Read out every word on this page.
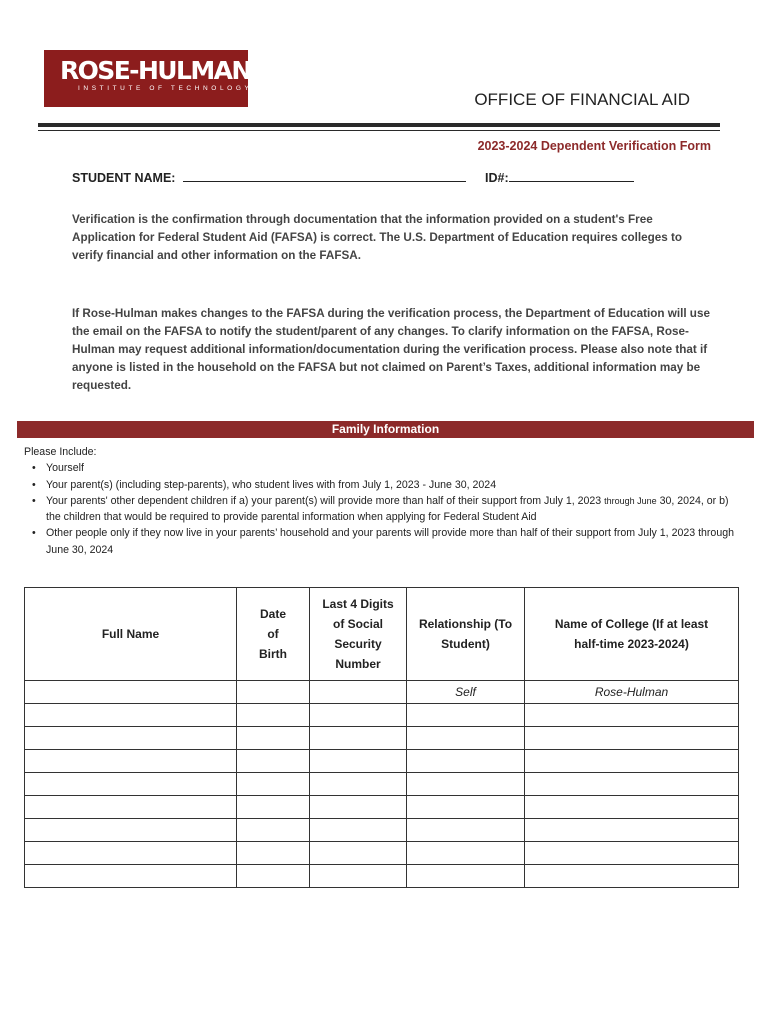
ROSE-HULMAN
INSTITUTE OF TECHNOLOGY
OFFICE OF FINANCIAL AID
2023-2024 Dependent Verification Form
STUDENT NAME:	ID#:
Verification is the confirmation through documentation that the information provided on a student's Free Application for Federal Student Aid (FAFSA) is correct. The U.S. Department of Education requires colleges to verify financial and other information on the FAFSA.
If Rose-Hulman makes changes to the FAFSA during the verification process, the Department of Education will use the email on the FAFSA to notify the student/parent of any changes. To clarify information on the FAFSA, Rose-Hulman may request additional information/documentation during the verification process. Please also note that if anyone is listed in the household on the FAFSA but not claimed on Parent’s Taxes, additional information may be requested.
Family Information
Please Include:
• Yourself
• Your parent(s) (including step-parents), who student lives with from July 1, 2023 - June 30, 2024
• Your parents' other dependent children if a) your parent(s) will provide more than half of their support from July 1, 2023 through June 30, 2024, or b) the children that would be required to provide parental information when applying for Federal Student Aid
• Other people only if they now live in your parents’ household and your parents will provide more than half of their support from July 1, 2023 through June 30, 2024
Full Name	Date of Birth	Last 4 Digits of Social Security Number	Relationship (To Student)	Name of College (If at least half-time 2023-2024)

			Self	Rose-Hulman
